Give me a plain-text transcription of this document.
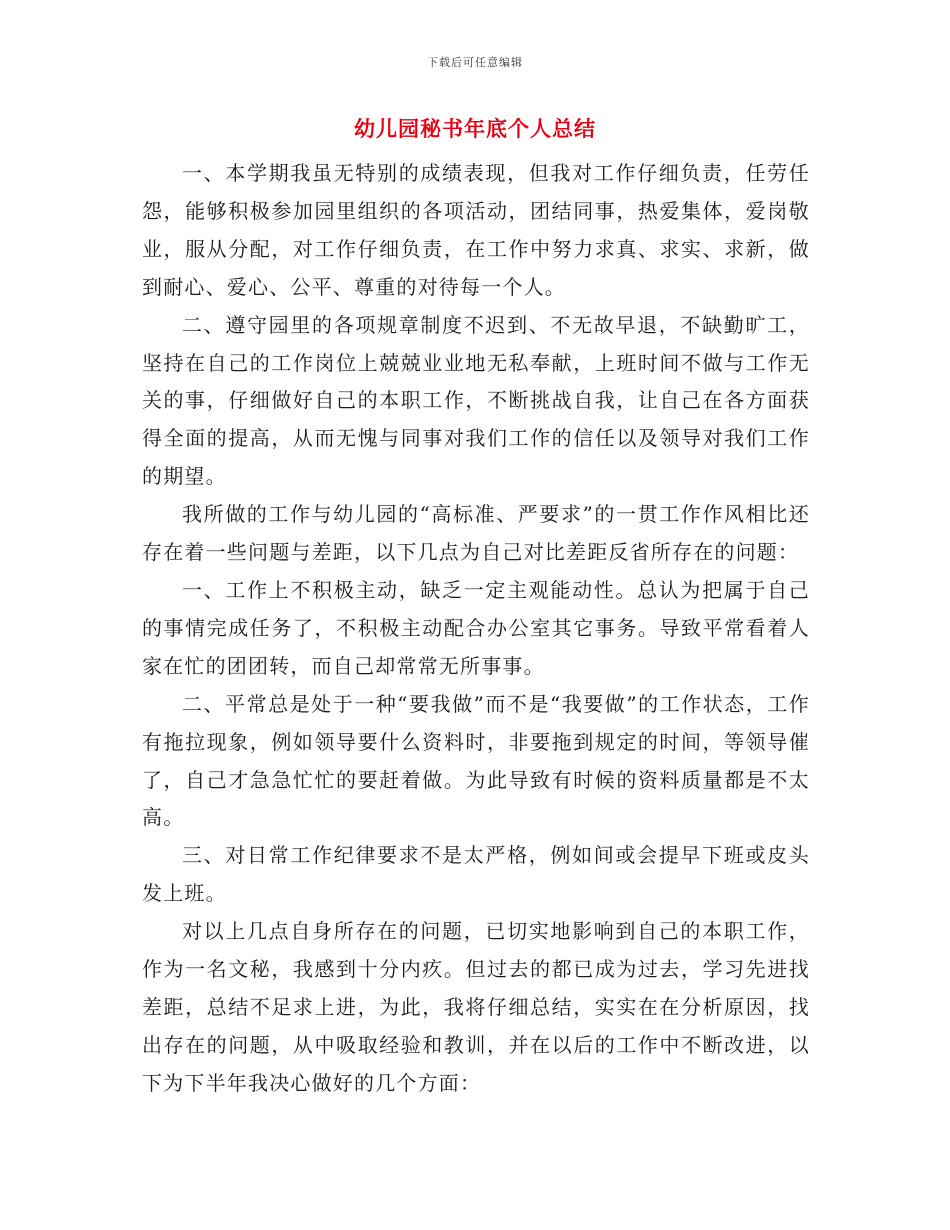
下载后可任意编辑
幼儿园秘书年底个人总结

一、本学期我虽无特别的成绩表现，但我对工作仔细负责，任劳任怨，能够积极参加园里组织的各项活动，团结同事，热爱集体，爱岗敬业，服从分配，对工作仔细负责，在工作中努力求真、求实、求新，做到耐心、爱心、公平、尊重的对待每一个人。

二、遵守园里的各项规章制度不迟到、不无故早退，不缺勤旷工，坚持在自己的工作岗位上兢兢业业地无私奉献，上班时间不做与工作无关的事，仔细做好自己的本职工作，不断挑战自我，让自己在各方面获得全面的提高，从而无愧与同事对我们工作的信任以及领导对我们工作的期望。

我所做的工作与幼儿园的“高标准、严要求”的一贯工作作风相比还存在着一些问题与差距，以下几点为自己对比差距反省所存在的问题：

一、工作上不积极主动，缺乏一定主观能动性。总认为把属于自己的事情完成任务了，不积极主动配合办公室其它事务。导致平常看着人家在忙的团团转，而自己却常常无所事事。

二、平常总是处于一种“要我做”而不是“我要做”的工作状态，工作有拖拉现象，例如领导要什么资料时，非要拖到规定的时间，等领导催了，自己才急急忙忙的要赶着做。为此导致有时候的资料质量都是不太高。

三、对日常工作纪律要求不是太严格，例如间或会提早下班或皮头发上班。

对以上几点自身所存在的问题，已切实地影响到自己的本职工作，作为一名文秘，我感到十分内疚。但过去的都已成为过去，学习先进找差距，总结不足求上进，为此，我将仔细总结，实实在在分析原因，找出存在的问题，从中吸取经验和教训，并在以后的工作中不断改进，以下为下半年我决心做好的几个方面：
